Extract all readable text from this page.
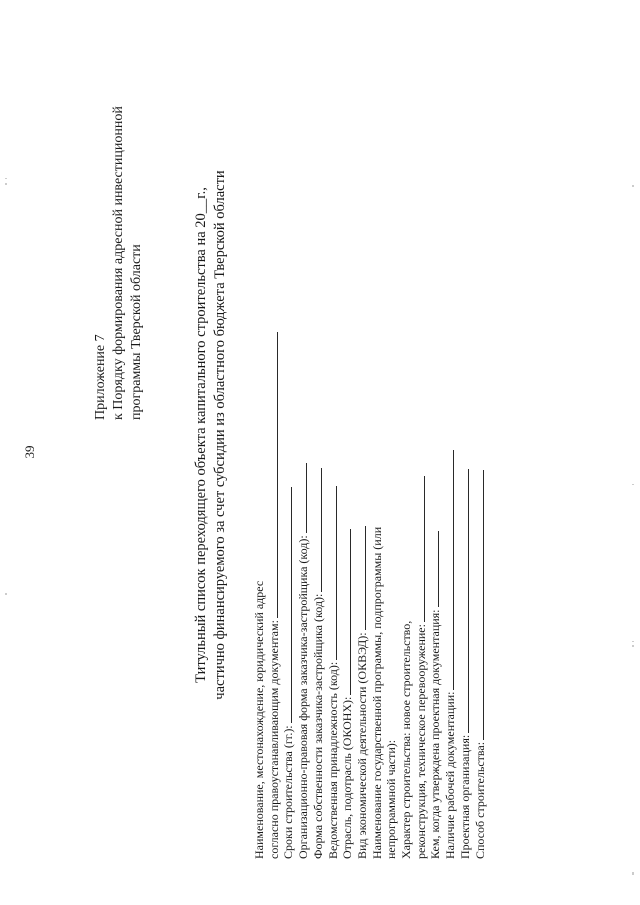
39
Приложение 7 к Порядку формирования адресной инвестиционной программы Тверской области	Титульный список переходящего объекта капитального строительства на 20__г., частично финансируемого за счет субсидии из областного бюджета Тверской области
Наименование, местонахождение, юридический адрес согласно правоустанавливающим документам: Сроки строительства (гг.): Организационно-правовая форма заказчика-застройщика (код): Форма собственности заказчика-застройщика (код): Ведомственная принадлежность (код): Отрасль, подотрасль (ОКОНХ): Вид экономической деятельности (ОКВЭД): Наименование государственной программы, подпрограммы (или непрограммной части): Характер строительства: новое строительство, реконструкция, техническое перевооружение: Кем, когда утверждена проектная документация: Наличие рабочей документации: Проектная организация: Способ строительства:
